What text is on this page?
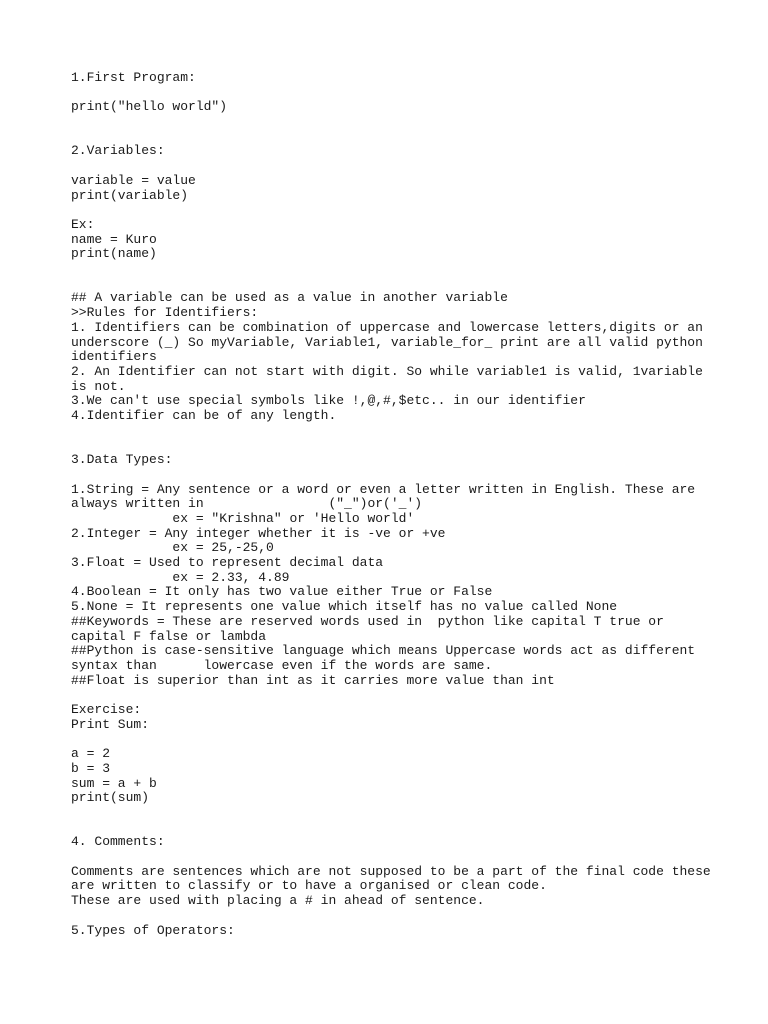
1.First Program:
print("hello world")
2.Variables:
variable = value
print(variable)
Ex:
name = Kuro
print(name)
## A variable can be used as a value in another variable
>>Rules for Identifiers:
1. Identifiers can be combination of uppercase and lowercase letters,digits or an
underscore (_) So myVariable, Variable1, variable_for_ print are all valid python
identifiers
2. An Identifier can not start with digit. So while variable1 is valid, 1variable
is not.
3.We can't use special symbols like !,@,#,$etc.. in our identifier
4.Identifier can be of any length.
3.Data Types:
1.String = Any sentence or a word or even a letter written in English. These are
always written in                ("_")or('_')
ex = "Krishna" or 'Hello world'
2.Integer = Any integer whether it is -ve or +ve
ex = 25,-25,0
3.Float = Used to represent decimal data
ex = 2.33, 4.89
4.Boolean = It only has two value either True or False
5.None = It represents one value which itself has no value called None
##Keywords = These are reserved words used in  python like capital T true or
capital F false or lambda
##Python is case-sensitive language which means Uppercase words act as different
syntax than      lowercase even if the words are same.
##Float is superior than int as it carries more value than int
Exercise:
Print Sum:
a = 2
b = 3
sum = a + b
print(sum)
4. Comments:
Comments are sentences which are not supposed to be a part of the final code these
are written to classify or to have a organised or clean code.
These are used with placing a # in ahead of sentence.
5.Types of Operators:
